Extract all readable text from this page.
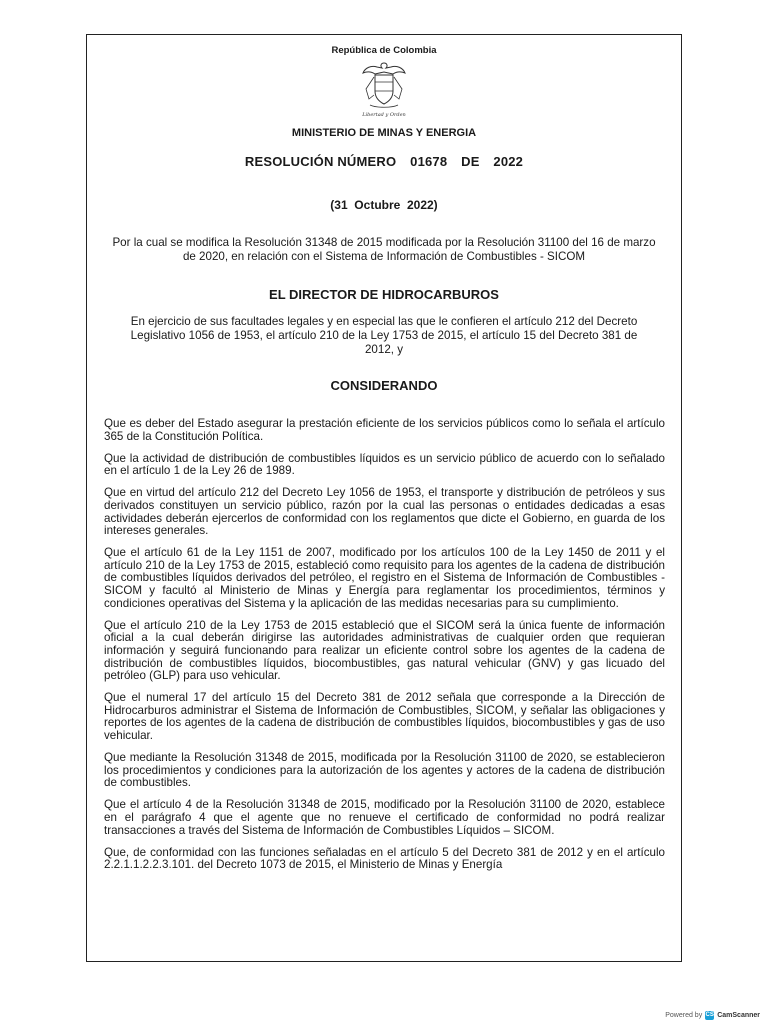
República de Colombia
Libertad y Orden
MINISTERIO DE MINAS Y ENERGIA
RESOLUCIÓN NÚMERO 01678 DE 2022
(31  Octubre  2022)
Por la cual se modifica la Resolución 31348 de 2015 modificada por la Resolución 31100 del 16 de marzo de 2020, en relación con el Sistema de Información de Combustibles - SICOM
EL DIRECTOR DE HIDROCARBUROS
En ejercicio de sus facultades legales y en especial las que le confieren el artículo 212 del Decreto Legislativo 1056 de 1953, el artículo 210 de la Ley 1753 de 2015, el artículo 15 del Decreto 381 de 2012, y
CONSIDERANDO

Que es deber del Estado asegurar la prestación eficiente de los servicios públicos como lo señala el artículo 365 de la Constitución Política.

Que la actividad de distribución de combustibles líquidos es un servicio público de acuerdo con lo señalado en el artículo 1 de la Ley 26 de 1989.

Que en virtud del artículo 212 del Decreto Ley 1056 de 1953, el transporte y distribución de petróleos y sus derivados constituyen un servicio público, razón por la cual las personas o entidades dedicadas a esas actividades deberán ejercerlos de conformidad con los reglamentos que dicte el Gobierno, en guarda de los intereses generales.

Que el artículo 61 de la Ley 1151 de 2007, modificado por los artículos 100 de la Ley 1450 de 2011 y el artículo 210 de la Ley 1753 de 2015, estableció como requisito para los agentes de la cadena de distribución de combustibles líquidos derivados del petróleo, el registro en el Sistema de Información de Combustibles - SICOM y facultó al Ministerio de Minas y Energía para reglamentar los procedimientos, términos y condiciones operativas del Sistema y la aplicación de las medidas necesarias para su cumplimiento.

Que el artículo 210 de la Ley 1753 de 2015 estableció que el SICOM será la única fuente de información oficial a la cual deberán dirigirse las autoridades administrativas de cualquier orden que requieran información y seguirá funcionando para realizar un eficiente control sobre los agentes de la cadena de distribución de combustibles líquidos, biocombustibles, gas natural vehicular (GNV) y gas licuado del petróleo (GLP) para uso vehicular.

Que el numeral 17 del artículo 15 del Decreto 381 de 2012 señala que corresponde a la Dirección de Hidrocarburos administrar el Sistema de Información de Combustibles, SICOM, y señalar las obligaciones y reportes de los agentes de la cadena de distribución de combustibles líquidos, biocombustibles y gas de uso vehicular.

Que mediante la Resolución 31348 de 2015, modificada por la Resolución 31100 de 2020, se establecieron los procedimientos y condiciones para la autorización de los agentes y actores de la cadena de distribución de combustibles.

Que el artículo 4 de la Resolución 31348 de 2015, modificado por la Resolución 31100 de 2020, establece en el parágrafo 4 que el agente que no renueve el certificado de conformidad no podrá realizar transacciones a través del Sistema de Información de Combustibles Líquidos – SICOM.

Que, de conformidad con las funciones señaladas en el artículo 5 del Decreto 381 de 2012 y en el artículo 2.2.1.1.2.2.3.101. del Decreto 1073 de 2015, el Ministerio de Minas y Energía

Powered by CS CamScanner
